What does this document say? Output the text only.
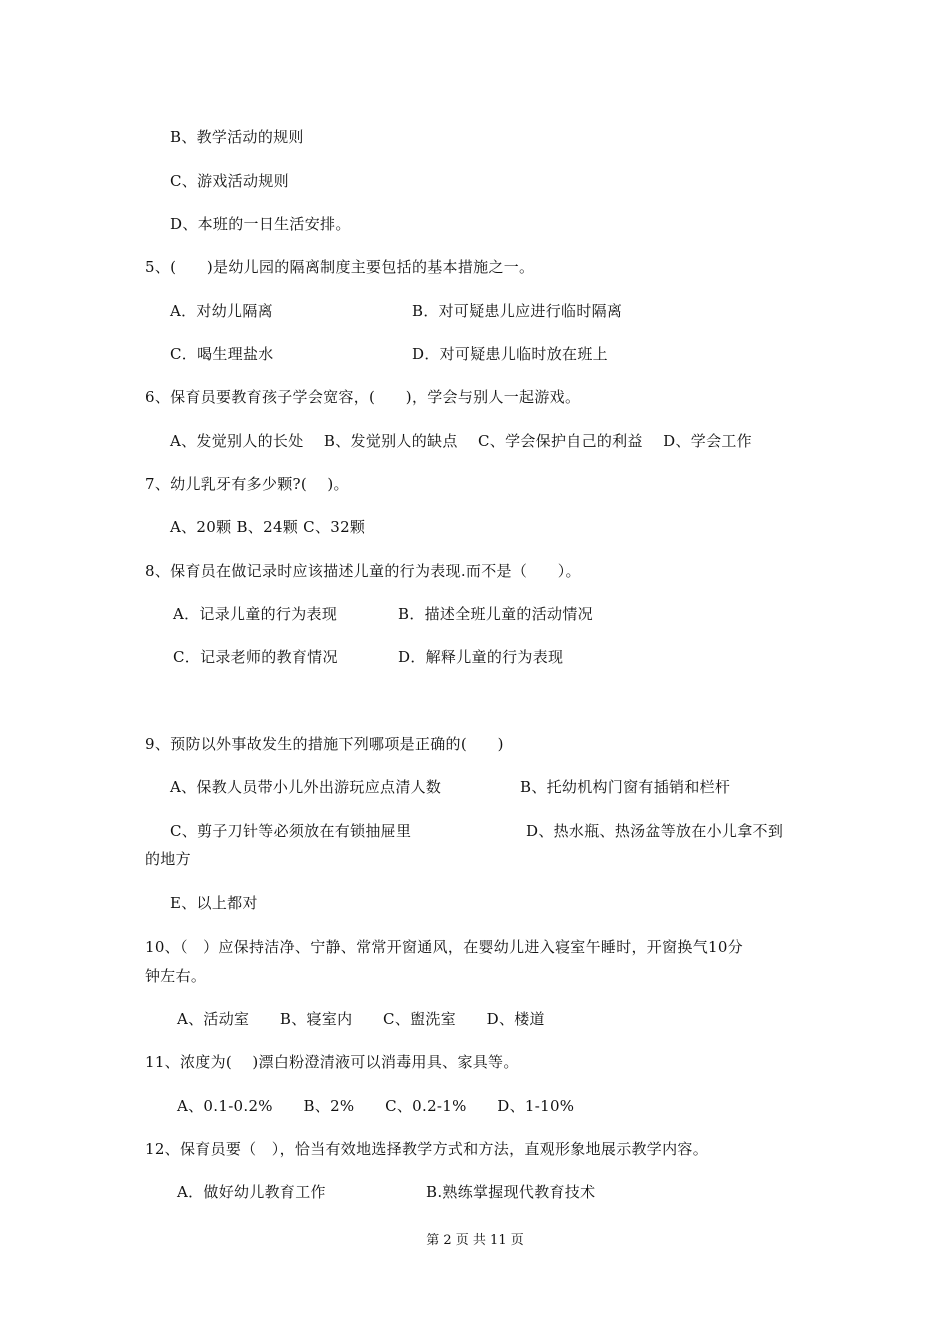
B、教学活动的规则
C、游戏活动规则
D、本班的一日生活安排。
5、(　　)是幼儿园的隔离制度主要包括的基本措施之一。
A．对幼儿隔离	B．对可疑患儿应进行临时隔离
C．喝生理盐水	D．对可疑患儿临时放在班上
6、保育员要教育孩子学会宽容，(　　)，学会与别人一起游戏。
A、发觉别人的长处　 B、发觉别人的缺点　 C、学会保护自己的利益　 D、学会工作
7、幼儿乳牙有多少颗?(　 )。
A、20颗 B、24颗 C、32颗
8、保育员在做记录时应该描述儿童的行为表现.而不是（　　）。
A．记录儿童的行为表现	B．描述全班儿童的活动情况
C．记录老师的教育情况	D．解释儿童的行为表现
9、预防以外事故发生的措施下列哪项是正确的(　　)
A、保教人员带小儿外出游玩应点清人数	B、托幼机构门窗有插销和栏杆
C、剪子刀针等必须放在有锁抽屉里	D、热水瓶、热汤盆等放在小儿拿不到
的地方
E、以上都对
10、（　）应保持洁净、宁静、常常开窗通风，在婴幼儿进入寝室午睡时，开窗换气10分
钟左右。
A、活动室　　B、寝室内　　C、盥洗室　　D、楼道
11、浓度为(　 )漂白粉澄清液可以消毒用具、家具等。
A、0.1-0.2%　　B、2%　　C、0.2-1%　　D、1-10%
12、保育员要（　），恰当有效地选择教学方式和方法，直观形象地展示教学内容。
A．做好幼儿教育工作	B.熟练掌握现代教育技术
第 2 页 共 11 页
